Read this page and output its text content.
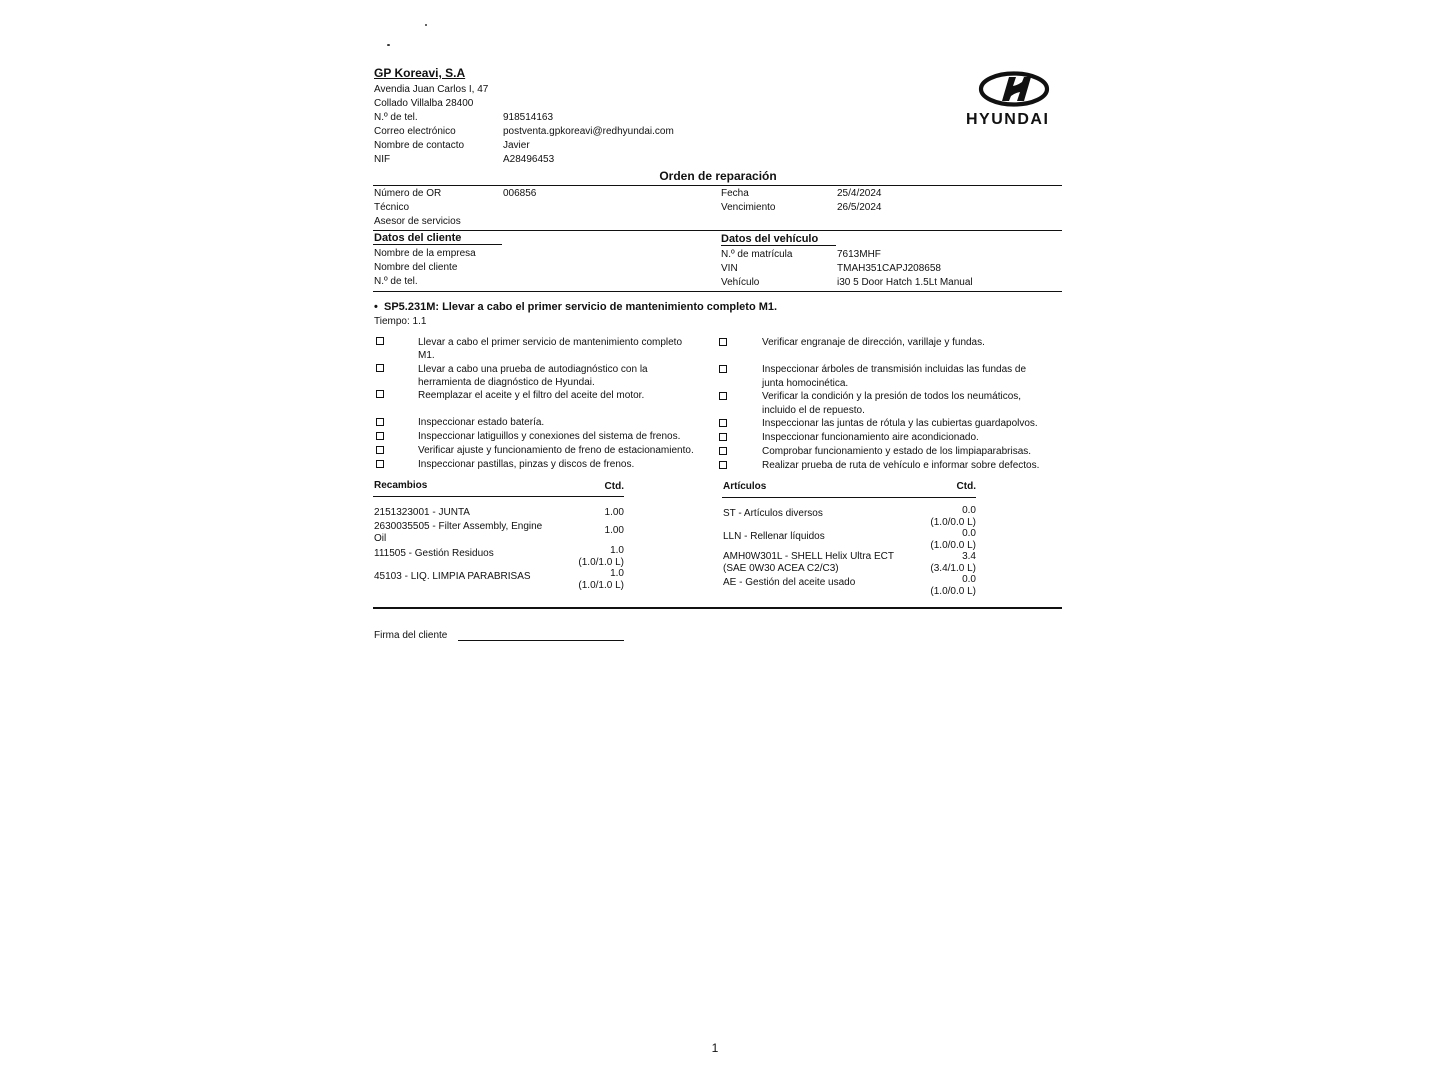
GP Koreavi, S.A
Avendia Juan Carlos I, 47
Collado Villalba 28400
N.º de tel.	918514163
Correo electrónico	postventa.gpkoreavi@redhyundai.com
Nombre de contacto	Javier
NIF	A28496453
HYUNDAI
Orden de reparación
Número de OR	006856
Técnico
Asesor de servicios
Fecha	25/4/2024
Vencimiento	26/5/2024
Datos del cliente
Nombre de la empresa
Nombre del cliente
N.º de tel.
Datos del vehículo
N.º de matrícula	7613MHF
VIN	TMAH351CAPJ208658
Vehículo	i30 5 Door Hatch 1.5Lt Manual
• SP5.231M: Llevar a cabo el primer servicio de mantenimiento completo M1.
Tiempo: 1.1
Llevar a cabo el primer servicio de mantenimiento completo
M1.
Llevar a cabo una prueba de autodiagnóstico con la
herramienta de diagnóstico de Hyundai.
Reemplazar el aceite y el filtro del aceite del motor.
Inspeccionar estado batería.
Inspeccionar latiguillos y conexiones del sistema de frenos.
Verificar ajuste y funcionamiento de freno de estacionamiento.
Inspeccionar pastillas, pinzas y discos de frenos.
Verificar engranaje de dirección, varillaje y fundas.
Inspeccionar árboles de transmisión incluidas las fundas de
junta homocinética.
Verificar la condición y la presión de todos los neumáticos,
incluido el de repuesto.
Inspeccionar las juntas de rótula y las cubiertas guardapolvos.
Inspeccionar funcionamiento aire acondicionado.
Comprobar funcionamiento y estado de los limpiaparabrisas.
Realizar prueba de ruta de vehículo e informar sobre defectos.
Recambios	Ctd.
2151323001 - JUNTA	1.00
2630035505 - Filter Assembly, Engine
Oil
1.00
111505 - Gestión Residuos	1.0
(1.0/1.0 L)
45103 - LIQ. LIMPIA PARABRISAS	1.0
(1.0/1.0 L)
Artículos	Ctd.
ST - Artículos diversos	0.0
(1.0/0.0 L)
LLN - Rellenar líquidos	0.0
(1.0/0.0 L)
AMH0W301L - SHELL Helix Ultra ECT
(SAE 0W30 ACEA C2/C3)
3.4
(3.4/1.0 L)
AE - Gestión del aceite usado	0.0
(1.0/0.0 L)
Firma del cliente
1
